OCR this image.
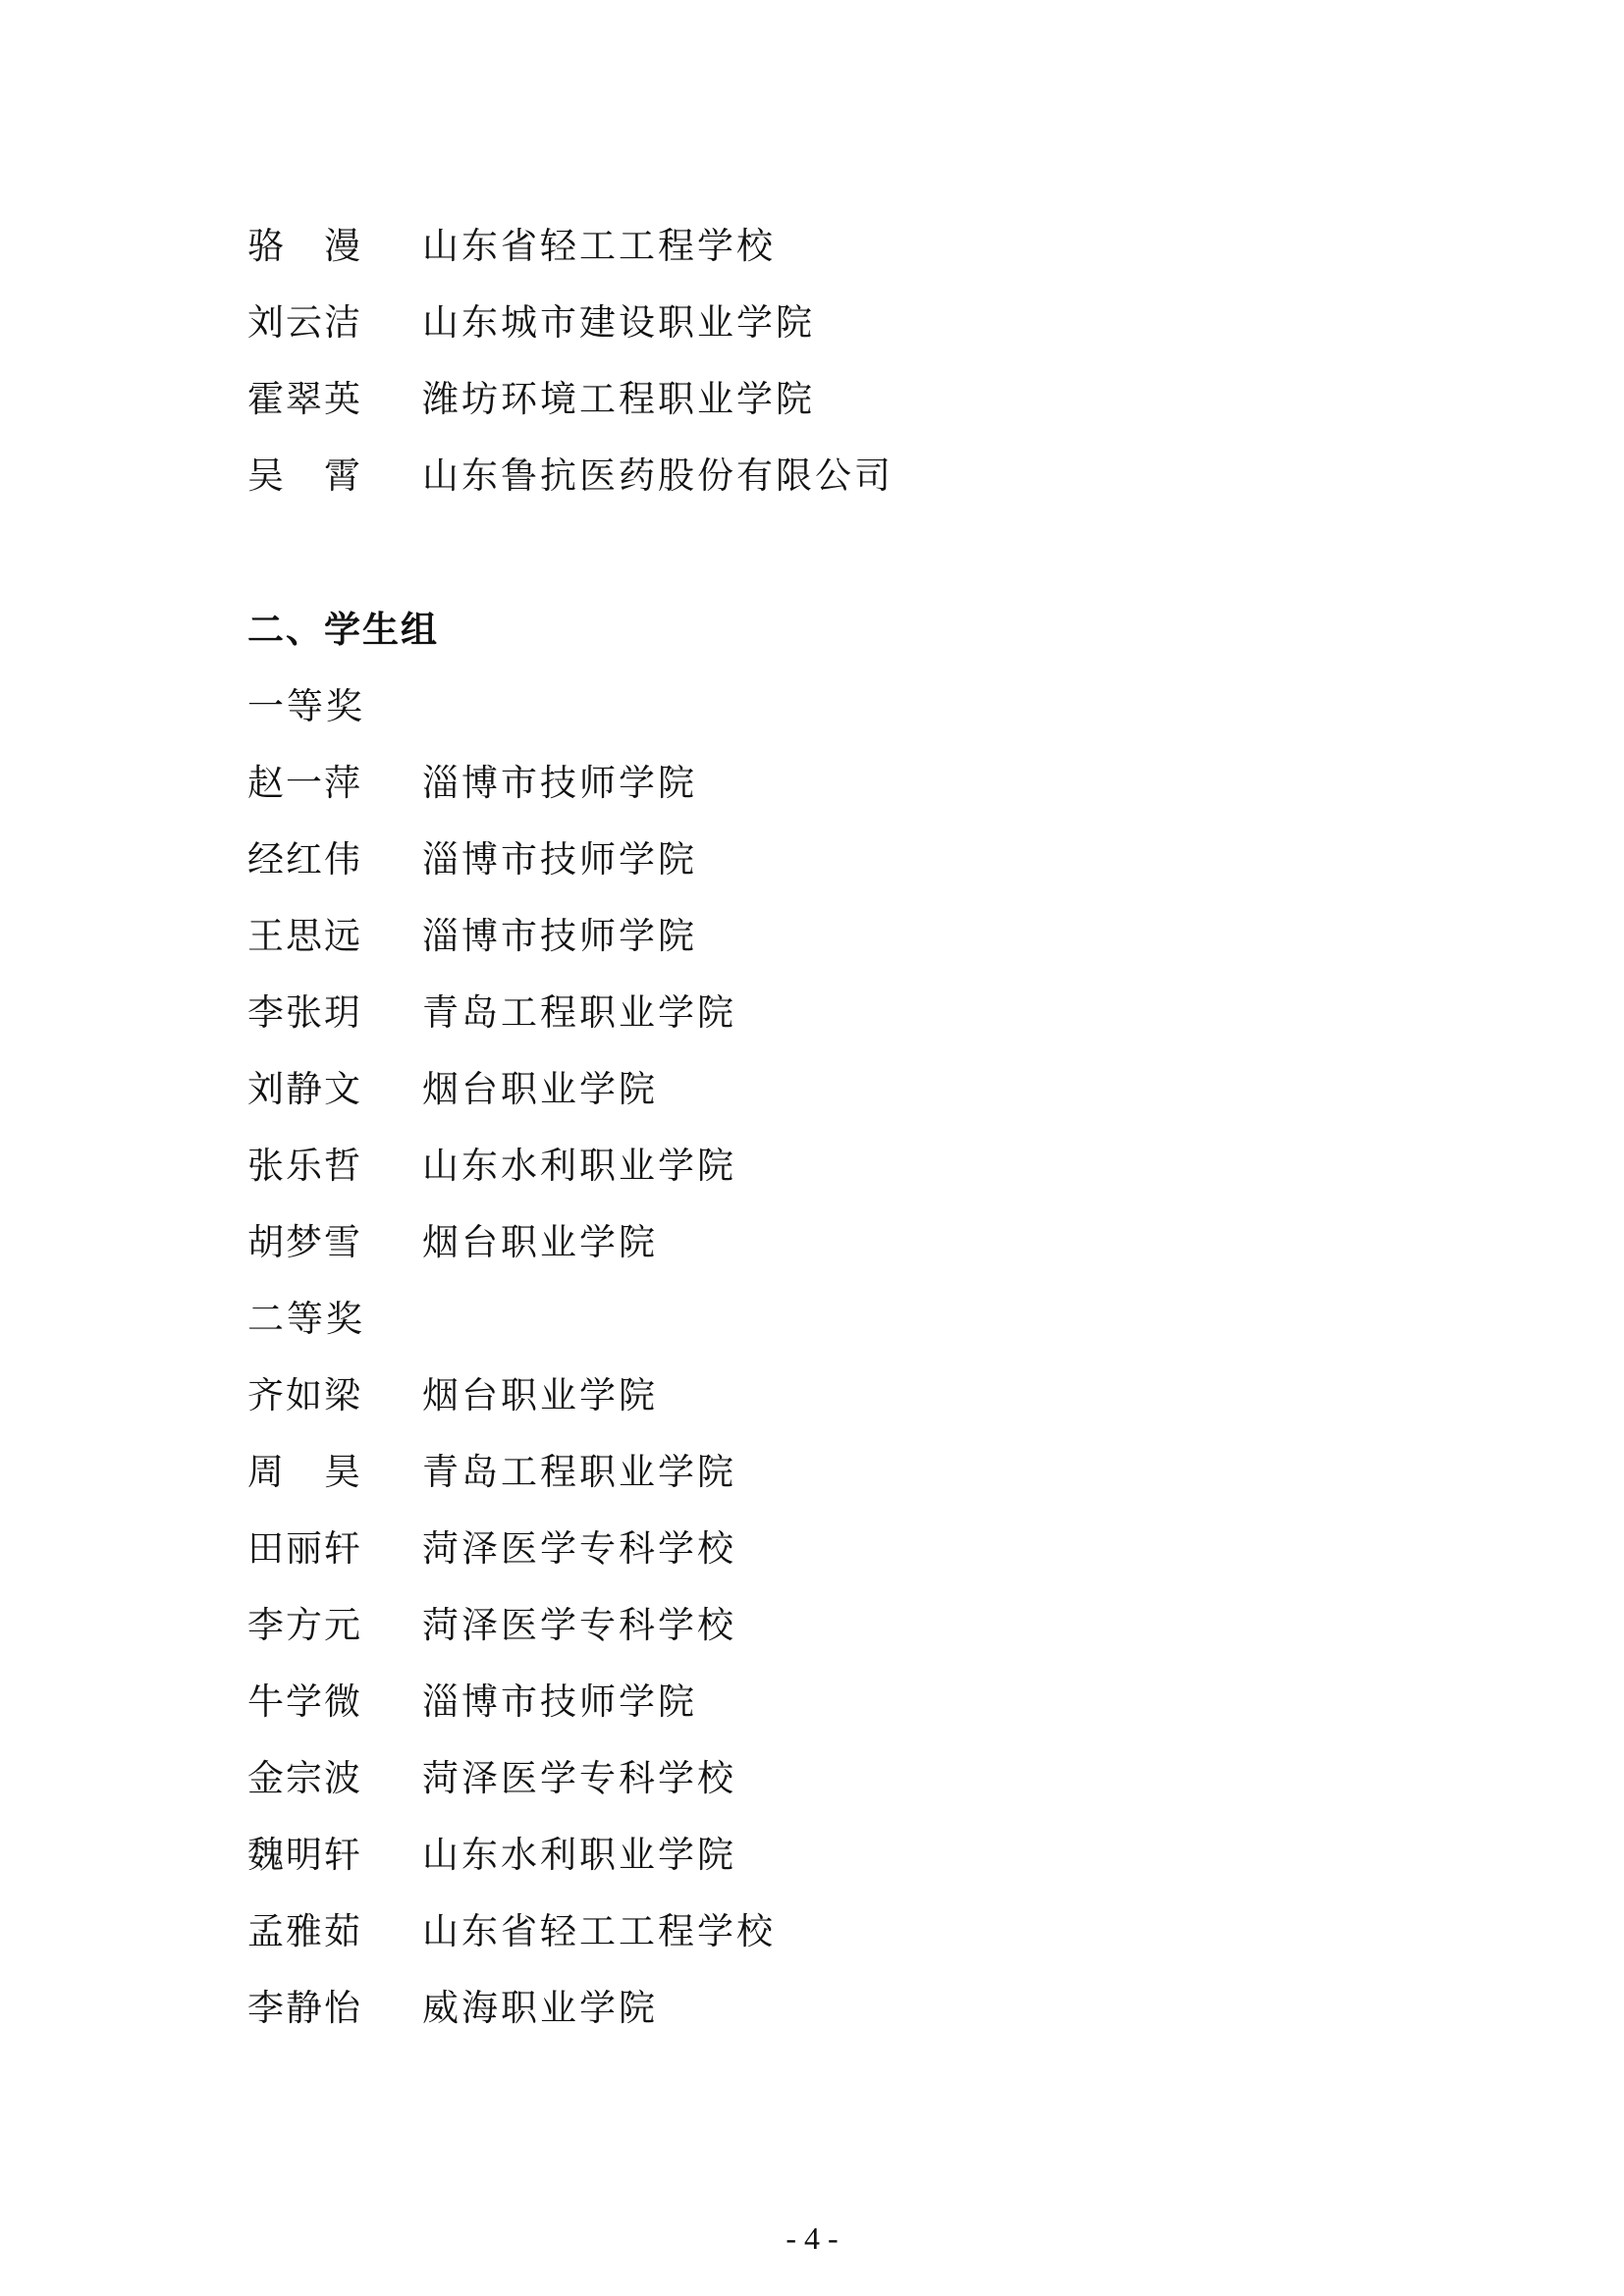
骆　漫	山东省轻工工程学校
刘云洁	山东城市建设职业学院
霍翠英	潍坊环境工程职业学院
吴　霄	山东鲁抗医药股份有限公司
二、学生组
一等奖
赵一萍	淄博市技师学院
经红伟	淄博市技师学院
王思远	淄博市技师学院
李张玥	青岛工程职业学院
刘静文	烟台职业学院
张乐哲	山东水利职业学院
胡梦雪	烟台职业学院
二等奖
齐如梁	烟台职业学院
周　昊	青岛工程职业学院
田丽轩	菏泽医学专科学校
李方元	菏泽医学专科学校
牛学微	淄博市技师学院
金宗波	菏泽医学专科学校
魏明轩	山东水利职业学院
孟雅茹	山东省轻工工程学校
李静怡	威海职业学院
- 4 -
